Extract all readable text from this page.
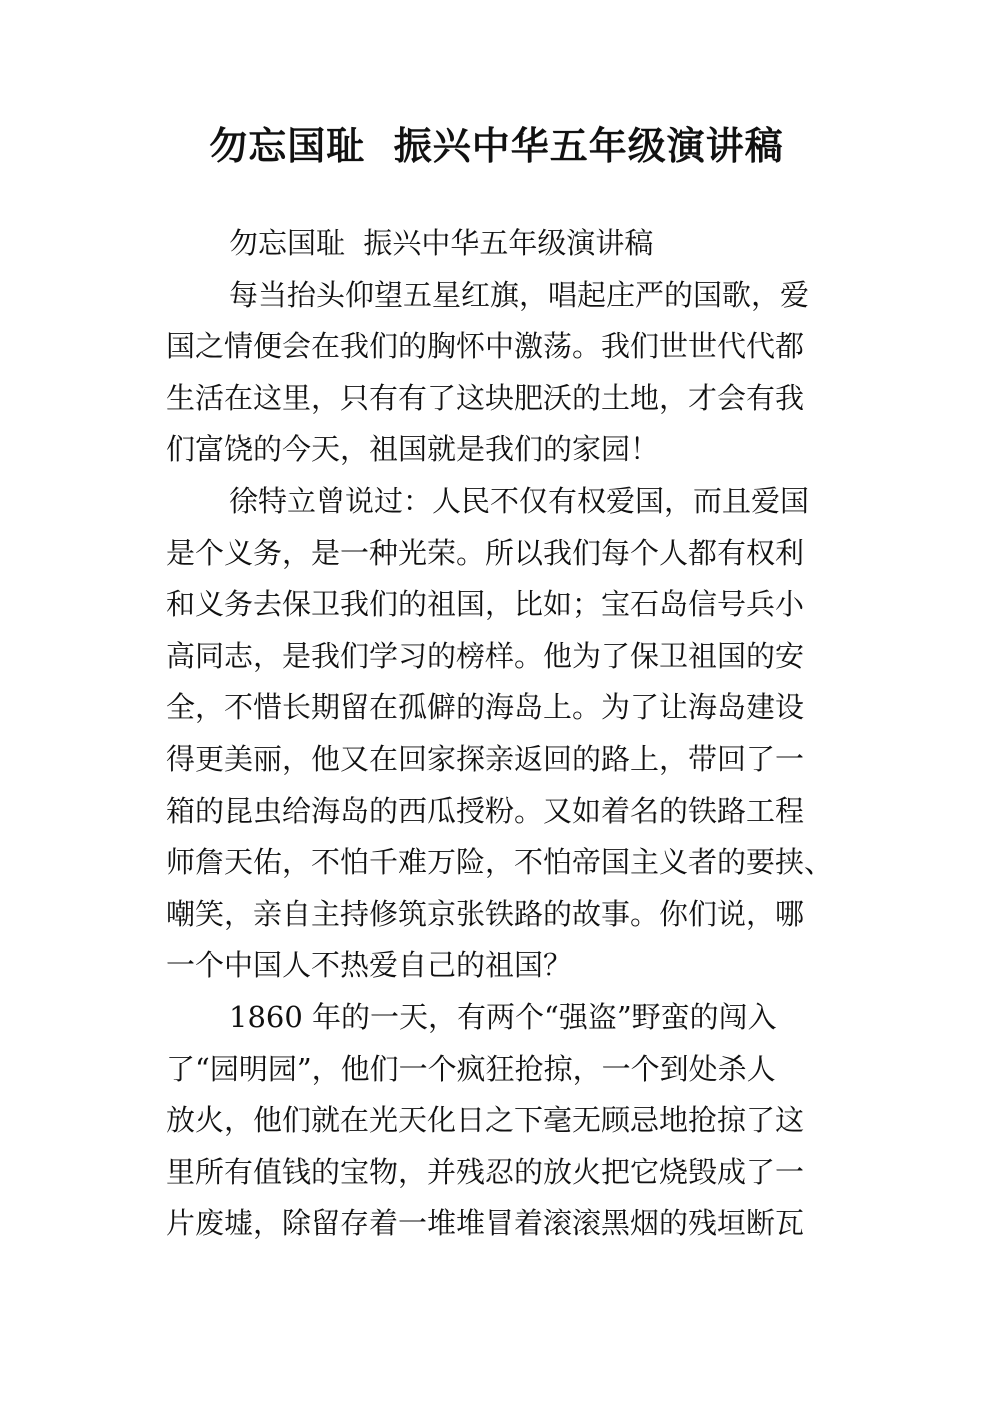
勿忘国耻  振兴中华五年级演讲稿
勿忘国耻  振兴中华五年级演讲稿
每当抬头仰望五星红旗，唱起庄严的国歌，爱
国之情便会在我们的胸怀中激荡。我们世世代代都
生活在这里，只有有了这块肥沃的土地，才会有我
们富饶的今天，祖国就是我们的家园！
徐特立曾说过：人民不仅有权爱国，而且爱国
是个义务，是一种光荣。所以我们每个人都有权利
和义务去保卫我们的祖国，比如；宝石岛信号兵小
高同志，是我们学习的榜样。他为了保卫祖国的安
全，不惜长期留在孤僻的海岛上。为了让海岛建设
得更美丽，他又在回家探亲返回的路上，带回了一
箱的昆虫给海岛的西瓜授粉。又如着名的铁路工程
师詹天佑，不怕千难万险，不怕帝国主义者的要挟、
嘲笑，亲自主持修筑京张铁路的故事。你们说，哪
一个中国人不热爱自己的祖国？
1860 年的一天，有两个“强盗”野蛮的闯入
了“园明园”，他们一个疯狂抢掠，一个到处杀人
放火，他们就在光天化日之下毫无顾忌地抢掠了这
里所有值钱的宝物，并残忍的放火把它烧毁成了一
片废墟，除留存着一堆堆冒着滚滚黑烟的残垣断瓦
